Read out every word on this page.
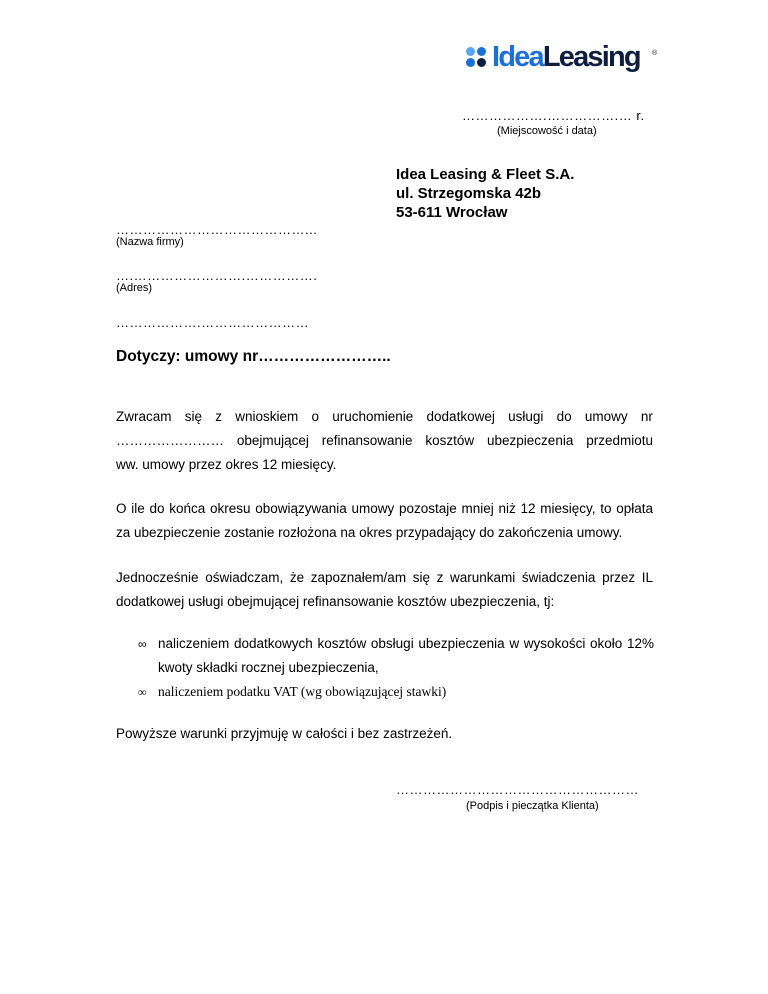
IdeaLeasing ®
……………….…………….… r.
(Miejscowość i data)
Idea Leasing & Fleet S.A.
ul. Strzegomska 42b
53-611 Wrocław
……………………………………...
(Nazwa firmy)
….…………………….…………….
(Adres)
……………….……………………
Dotyczy: umowy nr……………………..
Zwracam się z wnioskiem o uruchomienie dodatkowej usługi do umowy nr
…………………… obejmującej refinansowanie kosztów ubezpieczenia przedmiotu
ww. umowy przez okres 12 miesięcy.
O ile do końca okresu obowiązywania umowy pozostaje mniej niż 12 miesięcy, to opłata za ubezpieczenie zostanie rozłożona na okres przypadający do zakończenia umowy.
Jednocześnie oświadczam, że zapoznałem/am się z warunkami świadczenia przez IL dodatkowej usługi obejmującej refinansowanie kosztów ubezpieczenia, tj:
∞ naliczeniem dodatkowych kosztów obsługi ubezpieczenia w wysokości około 12% kwoty składki rocznej ubezpieczenia,
∞ naliczeniem podatku VAT (wg obowiązującej stawki)
Powyższe warunki przyjmuję w całości i bez zastrzeżeń.
………………………………………………
(Podpis i pieczątka Klienta)
